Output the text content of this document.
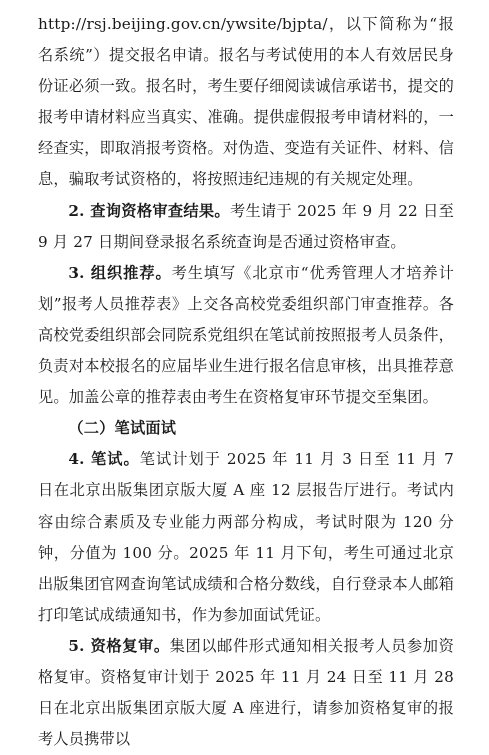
http://rsj.beijing.gov.cn/ywsite/bjpta/，以下简称为“报名系统”）提交报名申请。报名与考试使用的本人有效居民身份证必须一致。报名时，考生要仔细阅读诚信承诺书，提交的报考申请材料应当真实、准确。提供虚假报考申请材料的，一经查实，即取消报考资格。对伪造、变造有关证件、材料、信息，骗取考试资格的，将按照违纪违规的有关规定处理。

2. 查询资格审查结果。考生请于 2025 年 9 月 22 日至 9 月 27 日期间登录报名系统查询是否通过资格审查。

3. 组织推荐。考生填写《北京市“优秀管理人才培养计划”报考人员推荐表》上交各高校党委组织部门审查推荐。各高校党委组织部会同院系党组织在笔试前按照报考人员条件，负责对本校报名的应届毕业生进行报名信息审核，出具推荐意见。加盖公章的推荐表由考生在资格复审环节提交至集团。

（二）笔试面试

4. 笔试。笔试计划于 2025 年 11 月 3 日至 11 月 7 日在北京出版集团京版大厦 A 座 12 层报告厅进行。考试内容由综合素质及专业能力两部分构成，考试时限为 120 分钟，分值为 100 分。2025 年 11 月下旬，考生可通过北京出版集团官网查询笔试成绩和合格分数线，自行登录本人邮箱打印笔试成绩通知书，作为参加面试凭证。

5. 资格复审。集团以邮件形式通知相关报考人员参加资格复审。资格复审计划于 2025 年 11 月 24 日至 11 月 28 日在北京出版集团京版大厦 A 座进行，请参加资格复审的报考人员携带以
